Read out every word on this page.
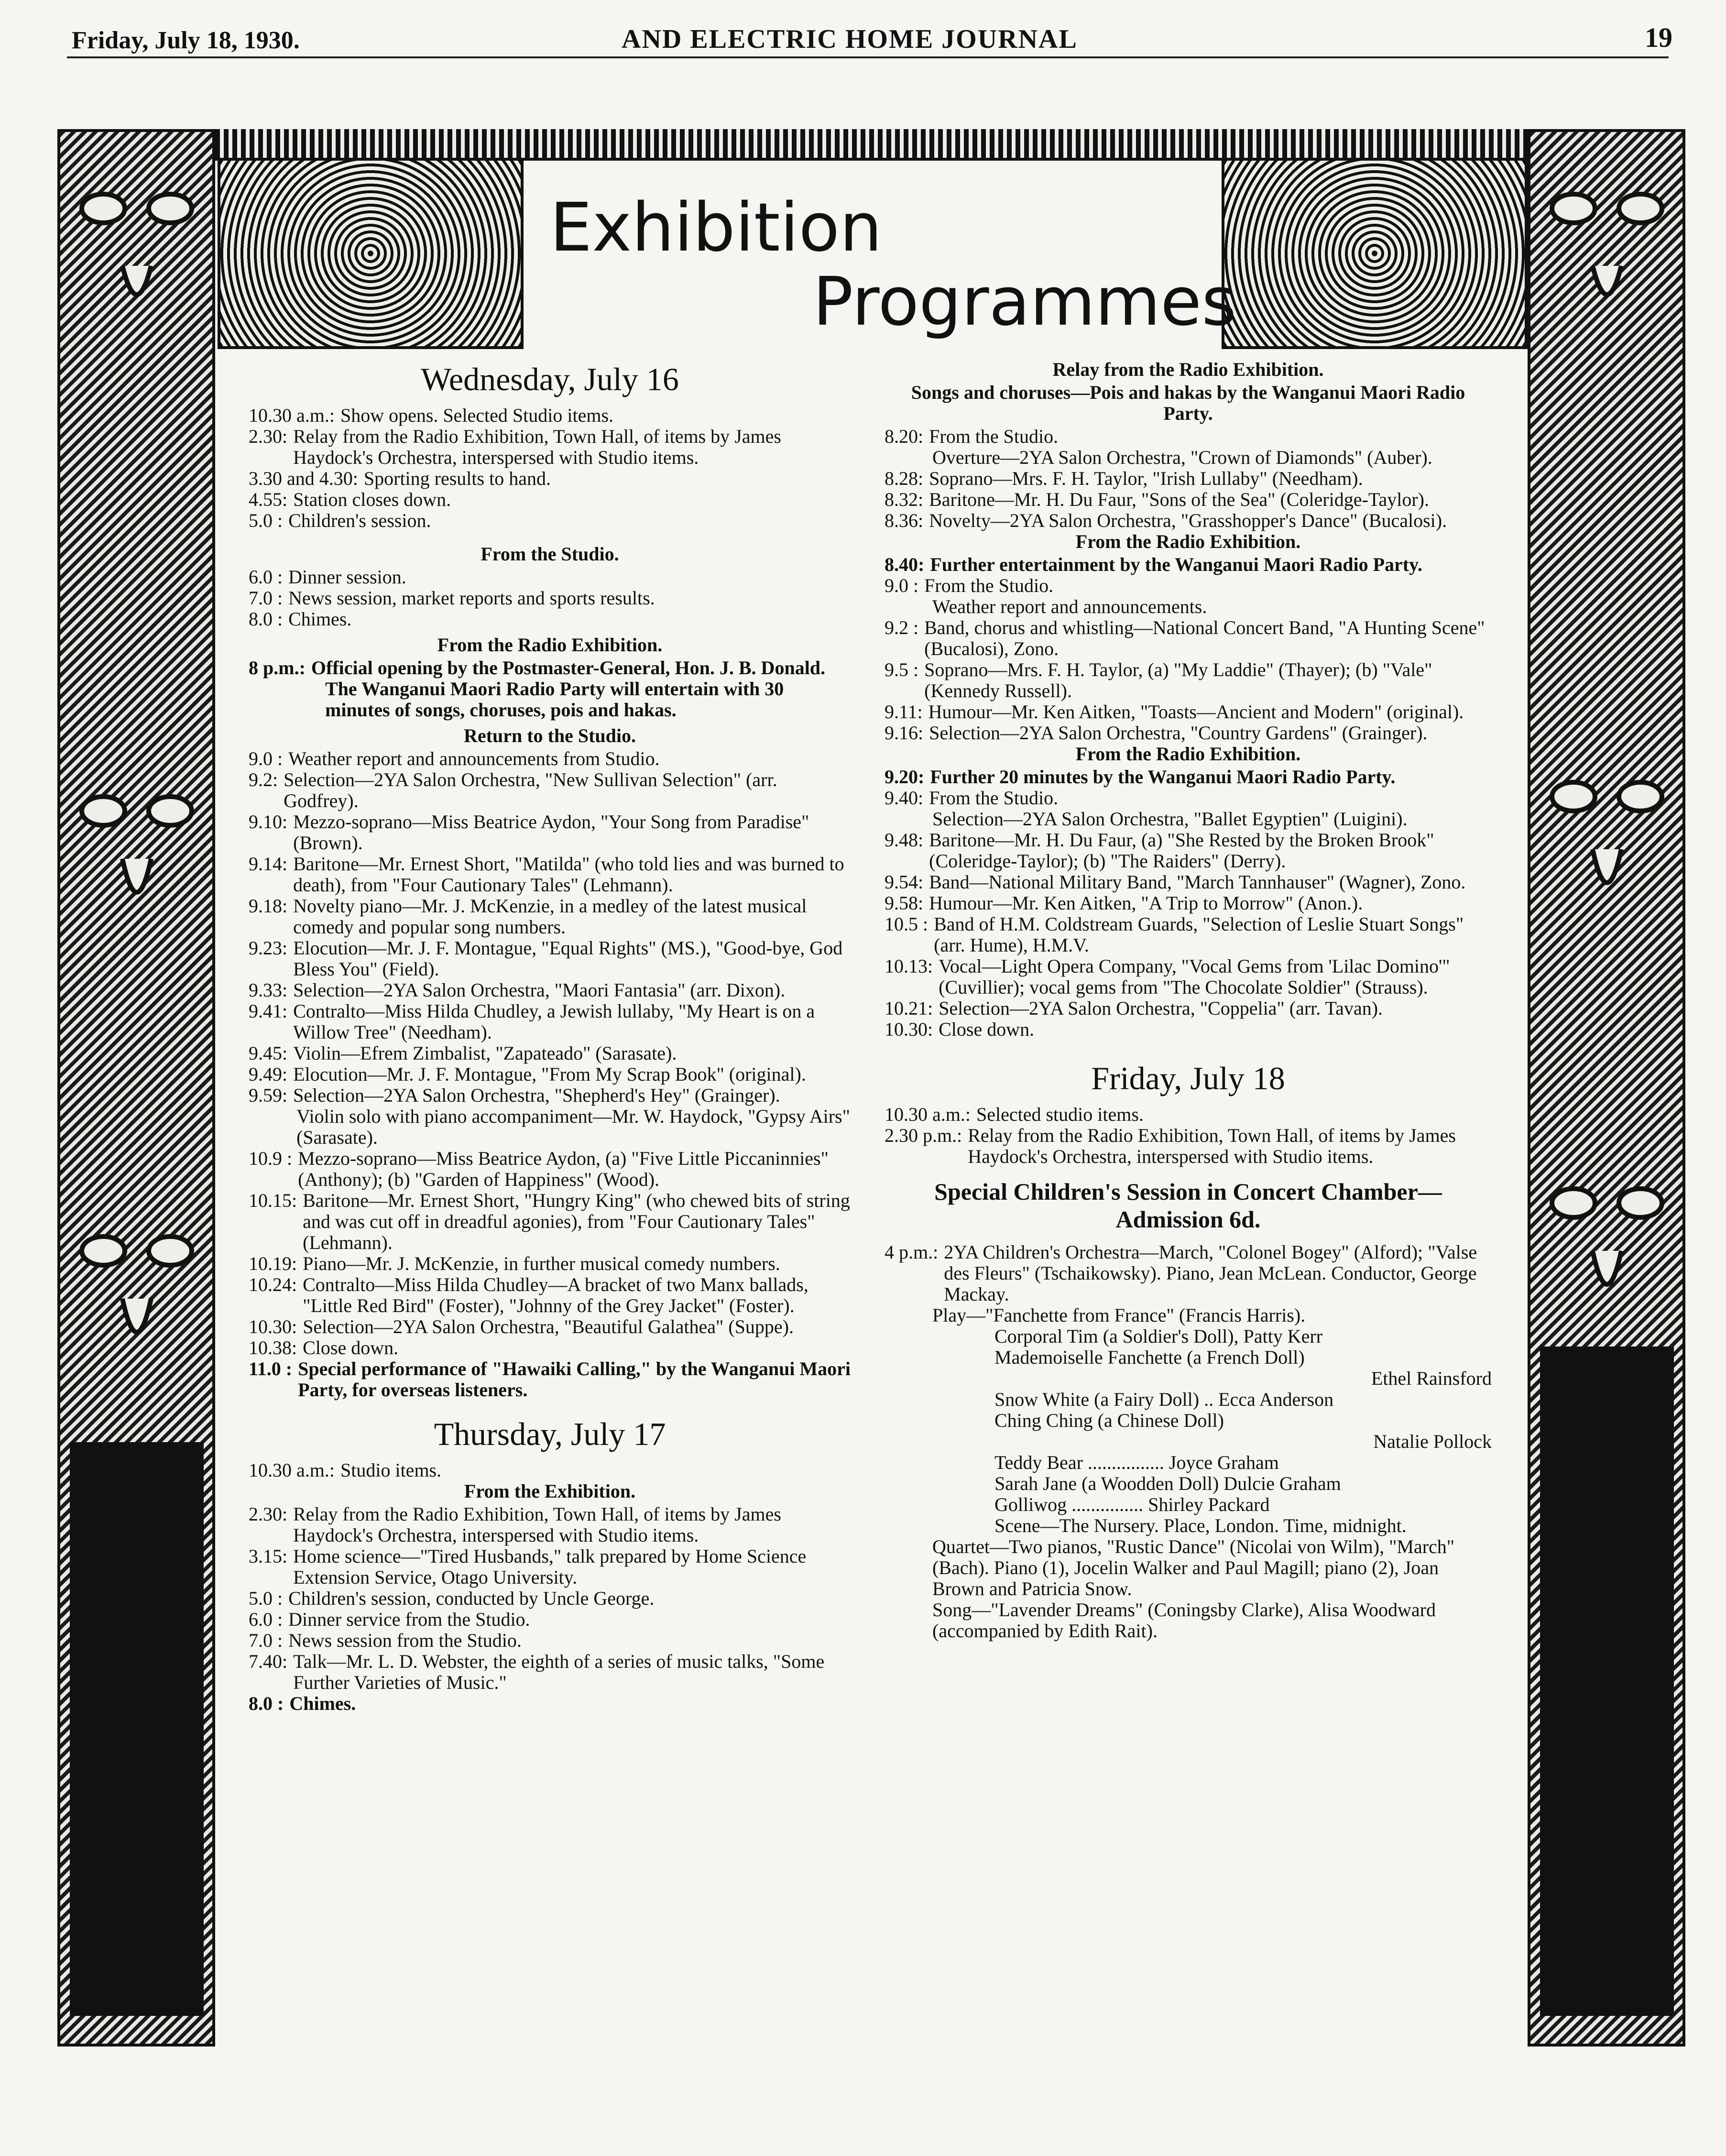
Friday, July 18, 1930.	AND ELECTRIC HOME JOURNAL	19
Exhibition
Programmes
Wednesday, July 16
10.30 a.m.: Show opens. Selected Studio items.
2.30: Relay from the Radio Exhibition, Town Hall, of items by James Haydock's Orchestra, interspersed with Studio items.
3.30 and 4.30: Sporting results to hand.
4.55: Station closes down.
5.0 : Children's session.
From the Studio.
6.0 : Dinner session.
7.0 : News session, market reports and sports results.
8.0 : Chimes.
From the Radio Exhibition.
8 p.m.: Official opening by the Postmaster-General, Hon. J. B. Donald.
The Wanganui Maori Radio Party will entertain with 30 minutes of songs, choruses, pois and hakas.
Return to the Studio.
9.0 : Weather report and announcements from Studio.
9.2: Selection—2YA Salon Orchestra, "New Sullivan Selection" (arr. Godfrey).
9.10: Mezzo-soprano—Miss Beatrice Aydon, "Your Song from Paradise" (Brown).
9.14: Baritone—Mr. Ernest Short, "Matilda" (who told lies and was burned to death), from "Four Cautionary Tales" (Lehmann).
9.18: Novelty piano—Mr. J. McKenzie, in a medley of the latest musical comedy and popular song numbers.
9.23: Elocution—Mr. J. F. Montague, "Equal Rights" (MS.), "Good-bye, God Bless You" (Field).
9.33: Selection—2YA Salon Orchestra, "Maori Fantasia" (arr. Dixon).
9.41: Contralto—Miss Hilda Chudley, a Jewish lullaby, "My Heart is on a Willow Tree" (Needham).
9.45: Violin—Efrem Zimbalist, "Zapateado" (Sarasate).
9.49: Elocution—Mr. J. F. Montague, "From My Scrap Book" (original).
9.59: Selection—2YA Salon Orchestra, "Shepherd's Hey" (Grainger).
Violin solo with piano accompaniment—Mr. W. Haydock, "Gypsy Airs" (Sarasate).
10.9 : Mezzo-soprano—Miss Beatrice Aydon, (a) "Five Little Piccaninnies" (Anthony); (b) "Garden of Happiness" (Wood).
10.15: Baritone—Mr. Ernest Short, "Hungry King" (who chewed bits of string and was cut off in dreadful agonies), from "Four Cautionary Tales" (Lehmann).
10.19: Piano—Mr. J. McKenzie, in further musical comedy numbers.
10.24: Contralto—Miss Hilda Chudley—A bracket of two Manx ballads, "Little Red Bird" (Foster), "Johnny of the Grey Jacket" (Foster).
10.30: Selection—2YA Salon Orchestra, "Beautiful Galathea" (Suppe).
10.38: Close down.
11.0 : Special performance of "Hawaiki Calling," by the Wanganui Maori Party, for overseas listeners.
Thursday, July 17
10.30 a.m.: Studio items.
From the Exhibition.
2.30: Relay from the Radio Exhibition, Town Hall, of items by James Haydock's Orchestra, interspersed with Studio items.
3.15: Home science—"Tired Husbands," talk prepared by Home Science Extension Service, Otago University.
5.0 : Children's session, conducted by Uncle George.
6.0 : Dinner service from the Studio.
7.0 : News session from the Studio.
7.40: Talk—Mr. L. D. Webster, the eighth of a series of music talks, "Some Further Varieties of Music."
8.0 : Chimes.
Relay from the Radio Exhibition.
Songs and choruses—Pois and hakas by the Wanganui Maori Radio Party.
8.20: From the Studio.
Overture—2YA Salon Orchestra, "Crown of Diamonds" (Auber).
8.28: Soprano—Mrs. F. H. Taylor, "Irish Lullaby" (Needham).
8.32: Baritone—Mr. H. Du Faur, "Sons of the Sea" (Coleridge-Taylor).
8.36: Novelty—2YA Salon Orchestra, "Grasshopper's Dance" (Bucalosi).
From the Radio Exhibition.
8.40: Further entertainment by the Wanganui Maori Radio Party.
9.0 : From the Studio.
Weather report and announcements.
9.2 : Band, chorus and whistling—National Concert Band, "A Hunting Scene" (Bucalosi), Zono.
9.5 : Soprano—Mrs. F. H. Taylor, (a) "My Laddie" (Thayer); (b) "Vale" (Kennedy Russell).
9.11: Humour—Mr. Ken Aitken, "Toasts—Ancient and Modern" (original).
9.16: Selection—2YA Salon Orchestra, "Country Gardens" (Grainger).
From the Radio Exhibition.
9.20: Further 20 minutes by the Wanganui Maori Radio Party.
9.40: From the Studio.
Selection—2YA Salon Orchestra, "Ballet Egyptien" (Luigini).
9.48: Baritone—Mr. H. Du Faur, (a) "She Rested by the Broken Brook" (Coleridge-Taylor); (b) "The Raiders" (Derry).
9.54: Band—National Military Band, "March Tannhauser" (Wagner), Zono.
9.58: Humour—Mr. Ken Aitken, "A Trip to Morrow" (Anon.).
10.5 : Band of H.M. Coldstream Guards, "Selection of Leslie Stuart Songs" (arr. Hume), H.M.V.
10.13: Vocal—Light Opera Company, "Vocal Gems from 'Lilac Domino'" (Cuvillier); vocal gems from "The Chocolate Soldier" (Strauss).
10.21: Selection—2YA Salon Orchestra, "Coppelia" (arr. Tavan).
10.30: Close down.
Friday, July 18
10.30 a.m.: Selected studio items.
2.30 p.m.: Relay from the Radio Exhibition, Town Hall, of items by James Haydock's Orchestra, interspersed with Studio items.
Special Children's Session in Concert Chamber—Admission 6d.
4 p.m.: 2YA Children's Orchestra—March, "Colonel Bogey" (Alford); "Valse des Fleurs" (Tschaikowsky). Piano, Jean McLean. Conductor, George Mackay.
Play—"Fanchette from France" (Francis Harris).
Corporal Tim (a Soldier's Doll), Patty Kerr
Mademoiselle Fanchette (a French Doll)
Ethel Rainsford
Snow White (a Fairy Doll) .. Ecca Anderson
Ching Ching (a Chinese Doll)
Natalie Pollock
Teddy Bear ................ Joyce Graham
Sarah Jane (a Woodden Doll) Dulcie Graham
Golliwog ............... Shirley Packard
Scene—The Nursery. Place, London. Time, midnight.
Quartet—Two pianos, "Rustic Dance" (Nicolai von Wilm), "March" (Bach). Piano (1), Jocelin Walker and Paul Magill; piano (2), Joan Brown and Patricia Snow.
Song—"Lavender Dreams" (Coningsby Clarke), Alisa Woodward (accompanied by Edith Rait).
